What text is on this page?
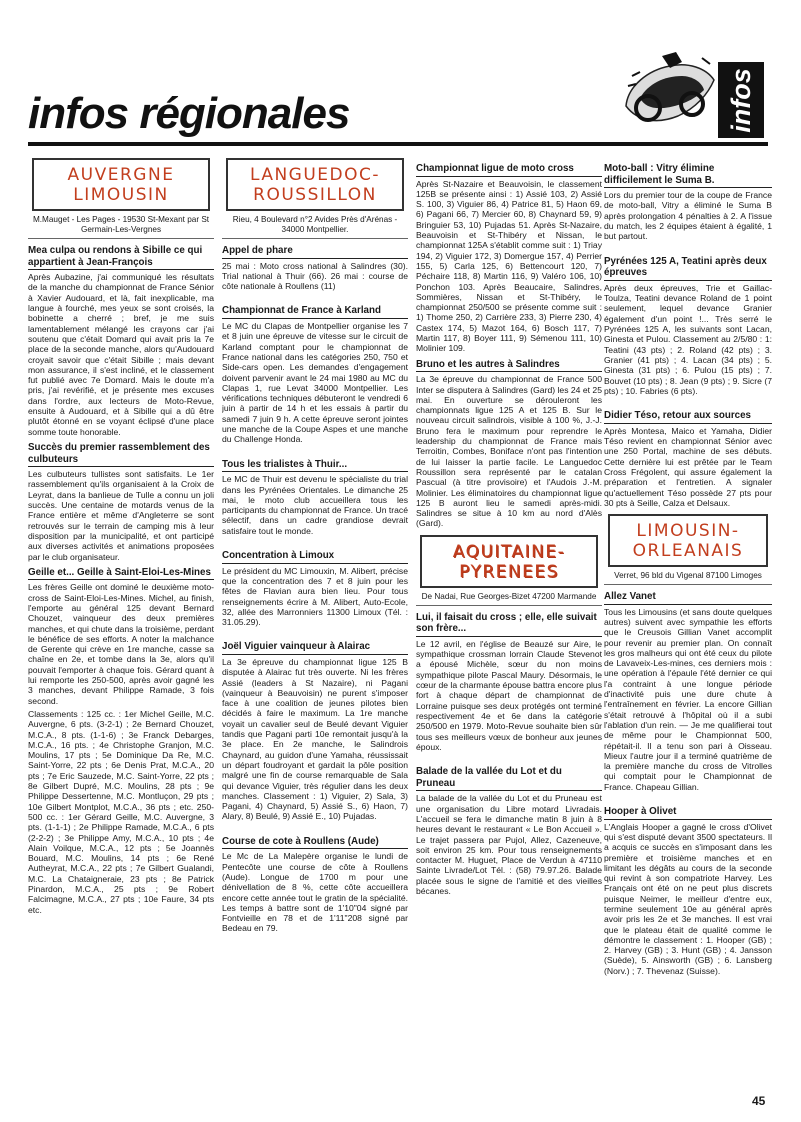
infos
infos régionales
AUVERGNE
LIMOUSIN
M.Mauget - Les Pages - 19530 St-Mexant par St Germain-Les-Vergnes
Mea culpa ou rendons à Sibille ce qui appartient à Jean-François

Après Aubazine, j'ai communiqué les résultats de la manche du championnat de France Sénior à Xavier Audouard, et là, fait inexplicable, ma langue à fourché, mes yeux se sont croisés, la bobinette a cherré ; bref, je me suis lamentablement mélangé les crayons car j'ai soutenu que c'était Domard qui avait pris la 7e place de la seconde manche, alors qu'Audouard croyait savoir que c'était Sibille ; mais devant mon assurance, il s'est incliné, et le classement fut publié avec 7e Domard. Mais le doute m'a pris, j'ai revérifié, et je présente mes excuses dans l'ordre, aux lecteurs de Moto-Revue, ensuite à Audouard, et à Sibille qui a dû être plutôt étonné en se voyant éclipsé d'une place somme toute honorable.

Succès du premier rassemblement des culbuteurs

Les culbuteurs tullistes sont satisfaits. Le 1er rassemblement qu'ils organisaient à la Croix de Leyrat, dans la banlieue de Tulle a connu un joli succès. Une centaine de motards venus de la France entière et même d'Angleterre se sont retrouvés sur le terrain de camping mis à leur disposition par la municipalité, et ont participé aux diverses activités et animations proposées par le club organisateur.

Geille et... Geille à Saint-Eloi-Les-Mines

Les frères Geille ont dominé le deuxième moto-cross de Saint-Eloi-Les-Mines. Michel, au finish, l'emporte au général 125 devant Bernard Chouzet, vainqueur des deux premières manches, et qui chute dans la troisième, perdant le bénéfice de ses efforts. A noter la malchance de Gerente qui crève en 1re manche, casse sa chaîne en 2e, et tombe dans la 3e, alors qu'il pouvait l'emporter à chaque fois. Gérard quant à lui remporte les 250-500, après avoir gagné les 3 manches, devant Philippe Ramade, 3 fois second.

Classements : 125 cc. : 1er Michel Geille, M.C. Auvergne, 6 pts. (3-2-1) ; 2e Bernard Chouzet, M.C.A., 8 pts. (1-1-6) ; 3e Franck Debarges, M.C.A., 16 pts. ; 4e Christophe Granjon, M.C. Moulins, 17 pts ; 5e Dominique Da Re, M.C. Saint-Yorre, 22 pts ; 6e Denis Prat, M.C.A., 20 pts ; 7e Eric Sauzede, M.C. Saint-Yorre, 22 pts ; 8e Gilbert Dupré, M.C. Moulins, 28 pts ; 9e Philippe Dessertenne, M.C. Montluçon, 29 pts ; 10e Gilbert Montplot, M.C.A., 36 pts ; etc. 250-500 cc. : 1er Gérard Geille, M.C. Auvergne, 3 pts. (1-1-1) ; 2e Philippe Ramade, M.C.A., 6 pts (2-2-2) ; 3e Philippe Amy, M.C.A., 10 pts ; 4e Alain Voilque, M.C.A., 12 pts ; 5e Joannès Bouard, M.C. Moulins, 14 pts ; 6e René Autheyrat, M.C.A., 22 pts ; 7e Gilbert Gualandi, M.C. La Chataigneraie, 23 pts ; 8e Patrick Pinardon, M.C.A., 25 pts ; 9e Robert Falcimagne, M.C.A., 27 pts ; 10e Faure, 34 pts etc.

LANGUEDOC-
ROUSSILLON
Rieu, 4 Boulevard n°2 Avides Près d'Arénas - 34000 Montpellier.
Appel de phare

25 mai : Moto cross national à Salindres (30). Trial national à Thuir (66). 26 mai : course de côte nationale à Roullens (11)

Championnat de France à Karland

Le MC du Clapas de Montpellier organise les 7 et 8 juin une épreuve de vitesse sur le circuit de Karland comptant pour le championnat de France national dans les catégories 250, 750 et Side-cars open. Les demandes d'engagement doivent parvenir avant le 24 mai 1980 au MC du Clapas 1, rue Levat 34000 Montpellier. Les vérifications techniques débuteront le vendredi 6 juin à partir de 14 h et les essais à partir du samedi 7 juin 9 h. A cette épreuve seront jointes une manche de la Coupe Aspes et une manche du Challenge Honda.

Tous les trialistes à Thuir...

Le MC de Thuir est devenu le spécialiste du trial dans les Pyrénées Orientales. Le dimanche 25 mai, le moto club accueillera tous les participants du championnat de France. Un tracé sélectif, dans un cadre grandiose devrait satisfaire tout le monde.

Concentration à Limoux

Le président du MC Limouxin, M. Alibert, précise que la concentration des 7 et 8 juin pour les fêtes de Flavian aura bien lieu. Pour tous renseignements écrire à M. Alibert, Auto-Ecole, 32, allée des Marronniers 11300 Limoux (Tél. : 31.05.29).

Joël Viguier vainqueur à Alairac

La 3e épreuve du championnat ligue 125 B disputée à Alairac fut très ouverte. Ni les frères Assié (leaders à St Nazaire), ni Pagani (vainqueur à Beauvoisin) ne purent s'imposer face à une coalition de jeunes pilotes bien décidés à faire le maximum. La 1re manche voyait un cavalier seul de Beulé devant Viguier tandis que Pagani parti 10e remontait jusqu'à la 3e place. En 2e manche, le Salindrois Chaynard, au guidon d'une Yamaha, réussissait un départ foudroyant et gardait la pôle position malgré une fin de course remarquable de Sala qui devance Viguier, très régulier dans les deux manches. Classement : 1) Viguier, 2) Sala, 3) Pagani, 4) Chaynard, 5) Assié S., 6) Haon, 7) Alary, 8) Beulé, 9) Assié E., 10) Pujadas.

Course de cote à Roullens (Aude)

Le Mc de La Malepère organise le lundi de Pentecôte une course de côte à Roullens (Aude). Longue de 1700 m pour une dénivellation de 8 %, cette côte accueillera encore cette année tout le gratin de la spécialité. Les temps à battre sont de 1'10"04 signé par Fontvieille en 78 et de 1'11"208 signé par Bedeau en 79.

Championnat ligue de moto cross

Après St-Nazaire et Beauvoisin, le classement 125B se présente ainsi : 1) Assié 103, 2) Assié S. 100, 3) Viguier 86, 4) Patrice 81, 5) Haon 69, 6) Pagani 66, 7) Mercier 60, 8) Chaynard 59, 9) Bringuier 53, 10) Pujadas 51. Après St-Nazaire, Beauvoisin et St-Thibéry et Nissan, le championnat 125A s'établit comme suit : 1) Triay 194, 2) Viguier 172, 3) Domergue 157, 4) Perrier 155, 5) Carla 125, 6) Bettencourt 120, 7) Péchaire 118, 8) Martin 116, 9) Valéro 106, 10) Ponchon 103. Après Beaucaire, Salindres, Sommières, Nissan et St-Thibéry, le championnat 250/500 se présente comme suit : 1) Thome 250, 2) Carrière 233, 3) Pierre 230, 4) Castex 174, 5) Mazot 164, 6) Bosch 117, 7) Martin 117, 8) Boyer 111, 9) Sémenou 111, 10) Molinier 109.

Bruno et les autres à Salindres

La 3e épreuve du championnat de France 500 Inter se disputera à Salindres (Gard) les 24 et 25 mai. En ouverture se dérouleront les championnats ligue 125 A et 125 B. Sur le nouveau circuit salindrois, visible à 100 %, J.-J. Bruno fera le maximum pour reprendre le leadership du championnat de France mais Terroitin, Combes, Boniface n'ont pas l'intention de lui laisser la partie facile. Le Languedoc Roussillon sera représenté par le catalan Pascual (à titre provisoire) et l'Audois J.-M. Molinier. Les éliminatoires du championnat ligue 125 B auront lieu le samedi après-midi. Salindres se situe à 10 km au nord d'Alès (Gard).

AQUITAINE-
PYRENEES
De Nadai, Rue Georges-Bizet 47200 Marmande
Lui, il faisait du cross ; elle, elle suivait son frère...

Le 12 avril, en l'église de Beauzé sur Aire, le sympathique crossman lorrain Claude Stevenot a épousé Michèle, sœur du non moins sympathique pilote Pascal Maury. Désormais, le cœur de la charmante épouse battra encore plus fort à chaque départ de championnat de Lorraine puisque ses deux protégés ont terminé respectivement 4e et 6e dans la catégorie 250/500 en 1979. Moto-Revue souhaite bien sûr tous ses meilleurs vœux de bonheur aux jeunes époux.

Balade de la vallée du Lot et du Pruneau

La balade de la vallée du Lot et du Pruneau est une organisation du Libre motard Livradais. L'accueil se fera le dimanche matin 8 juin à 8 heures devant le restaurant « Le Bon Accueil ». Le trajet passera par Pujol, Allez, Cazeneuve, soit environ 25 km. Pour tous renseignements contacter M. Huguet, Place de Verdun à 47110 Sainte Livrade/Lot Tél. : (58) 79.97.26. Balade placée sous le signe de l'amitié et des vieilles bécanes.

Moto-ball : Vitry élimine difficilement le Suma B.

Lors du premier tour de la coupe de France de moto-ball, Vitry a éliminé le Suma B après prolongation 4 pénalties à 2. A l'issue du match, les 2 équipes étaient à égalité, 1 but partout.

Pyrénées 125 A, Teatini après deux épreuves

Après deux épreuves, Trie et Gaillac-Toulza, Teatini devance Roland de 1 point seulement, lequel devance Granier également d'un point !... Très serré le Pyrénées 125 A, les suivants sont Lacan, Ginesta et Pulou. Classement au 2/5/80 : 1: Teatini (43 pts) ; 2. Roland (42 pts) ; 3. Granier (41 pts) ; 4. Lacan (34 pts) ; 5. Ginesta (31 pts) ; 6. Pulou (15 pts) ; 7. Bouvet (10 pts) ; 8. Jean (9 pts) ; 9. Sicre (7 pts) ; 10. Fabries (6 pts).

Didier Téso, retour aux sources

Après Montesa, Maico et Yamaha, Didier Téso revient en championnat Sénior avec une 250 Portal, machine de ses débuts. Cette dernière lui est prêtée par le Team Cross Frégolent, qui assure également la préparation et l'entretien. A signaler qu'actuellement Téso possède 27 pts pour 30 pts à Seille, Calza et Delsaux.

LIMOUSIN-
ORLEANAIS
Verret, 96 bld du Vigenal 87100 Limoges
Allez Vanet

Tous les Limousins (et sans doute quelques autres) suivent avec sympathie les efforts que le Creusois Gillian Vanet accomplit pour revenir au premier plan. On connaît les gros malheurs qui ont été ceux du pilote de Lavaveix-Les-mines, ces derniers mois : une opération à l'épaule l'été dernier ce qui l'a contraint à une longue période d'inactivité puis une dure chute à l'entraînement en février. La encore Gillian s'était retrouvé à l'hôpital où il a subi l'ablation d'un rein. — Je me qualifierai tout de même pour le Championnat 500, répétait-il. Il a tenu son pari à Oisseau. Mieux l'autre jour il a terminé quatrième de la première manche du cross de Vitrolles qui comptait pour le Championnat de France. Chapeau Gillian.

Hooper à Olivet

L'Anglais Hooper a gagné le cross d'Olivet qui s'est disputé devant 3500 spectateurs. Il a acquis ce succès en s'imposant dans les première et troisième manches et en limitant les dégâts au cours de la seconde qui revint à son compatriote Harvey. Les Français ont été on ne peut plus discrets puisque Neimer, le meilleur d'entre eux, termine seulement 10e au général après avoir pris les 2e et 3e manches. Il est vrai que le plateau était de qualité comme le démontre le classement : 1. Hooper (GB) ; 2. Harvey (GB) ; 3. Hunt (GB) ; 4. Jansson (Suède), 5. Ainsworth (GB) ; 6. Lansberg (Norv.) ; 7. Thevenaz (Suisse).

45
